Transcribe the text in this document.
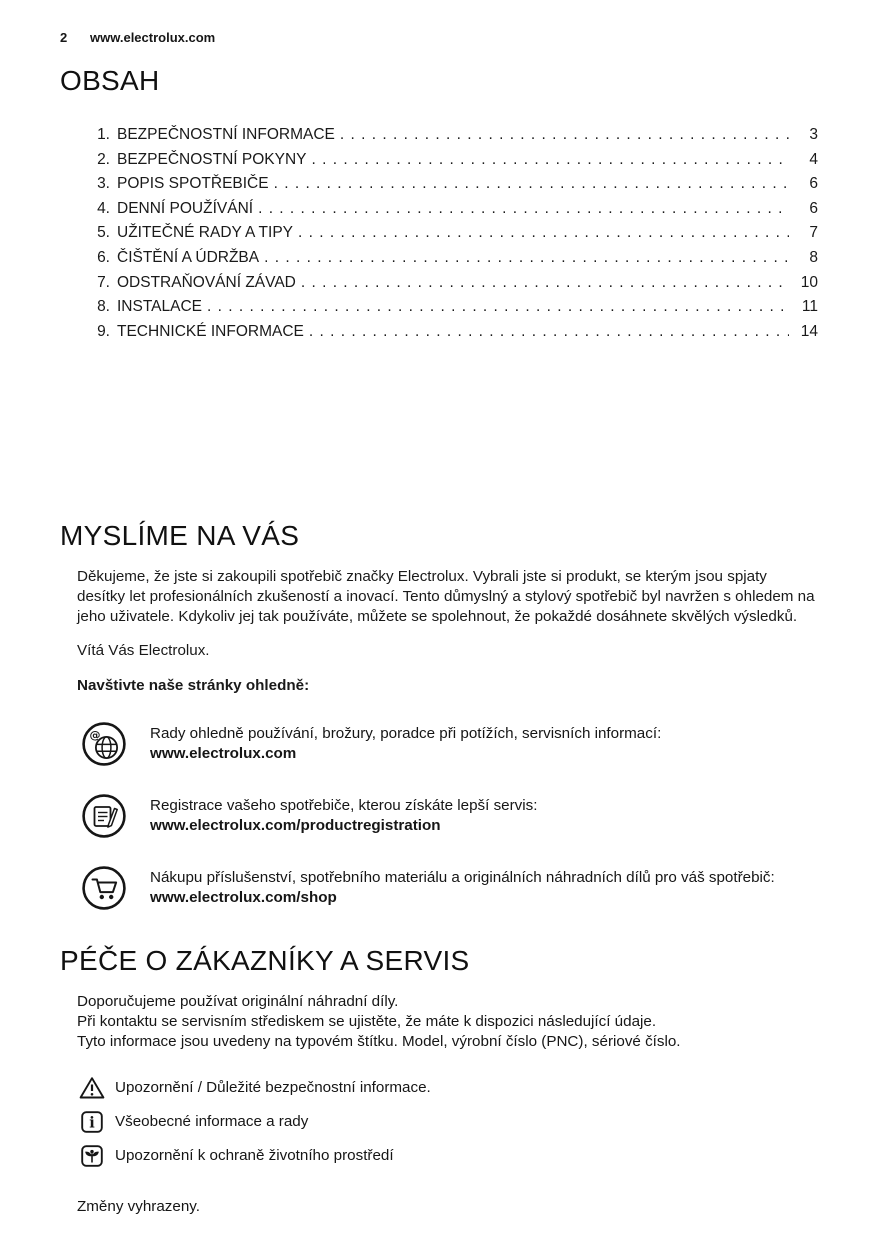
2	www.electrolux.com
OBSAH
1. BEZPEČNOSTNÍ INFORMACE . . .	3
2. BEZPEČNOSTNÍ POKYNY . . .	4
3. POPIS SPOTŘEBIČE . . .	6
4. DENNÍ POUŽÍVÁNÍ . . .	6
5. UŽITEČNÉ RADY A TIPY . . .	7
6. ČIŠTĚNÍ A ÚDRŽBA . . .	8
7. ODSTRAŇOVÁNÍ ZÁVAD . . .	10
8. INSTALACE . . .	11
9. TECHNICKÉ INFORMACE . . .	14
MYSLÍME NA VÁS

Děkujeme, že jste si zakoupili spotřebič značky Electrolux. Vybrali jste si produkt, se kterým jsou spjaty desítky let profesionálních zkušeností a inovací. Tento důmyslný a stylový spotřebič byl navržen s ohledem na jeho uživatele. Kdykoliv jej tak používáte, můžete se spolehnout, že pokaždé dosáhnete skvělých výsledků.

Vítá Vás Electrolux.

Navštivte naše stránky ohledně:

@	Rady ohledně používání, brožury, poradce při potížích, servisních informací:
www.electrolux.com
Registrace vašeho spotřebiče, kterou získáte lepší servis:
www.electrolux.com/productregistration
Nákupu příslušenství, spotřebního materiálu a originálních náhradních dílů pro váš spotřebič:
www.electrolux.com/shop
PÉČE O ZÁKAZNÍKY A SERVIS

Doporučujeme používat originální náhradní díly.

Při kontaktu se servisním střediskem se ujistěte, že máte k dispozici následující údaje.

Tyto informace jsou uvedeny na typovém štítku. Model, výrobní číslo (PNC), sériové číslo.

Upozornění / Důležité bezpečnostní informace.
i Všeobecné informace a rady
Upozornění k ochraně životního prostředí

Změny vyhrazeny.
